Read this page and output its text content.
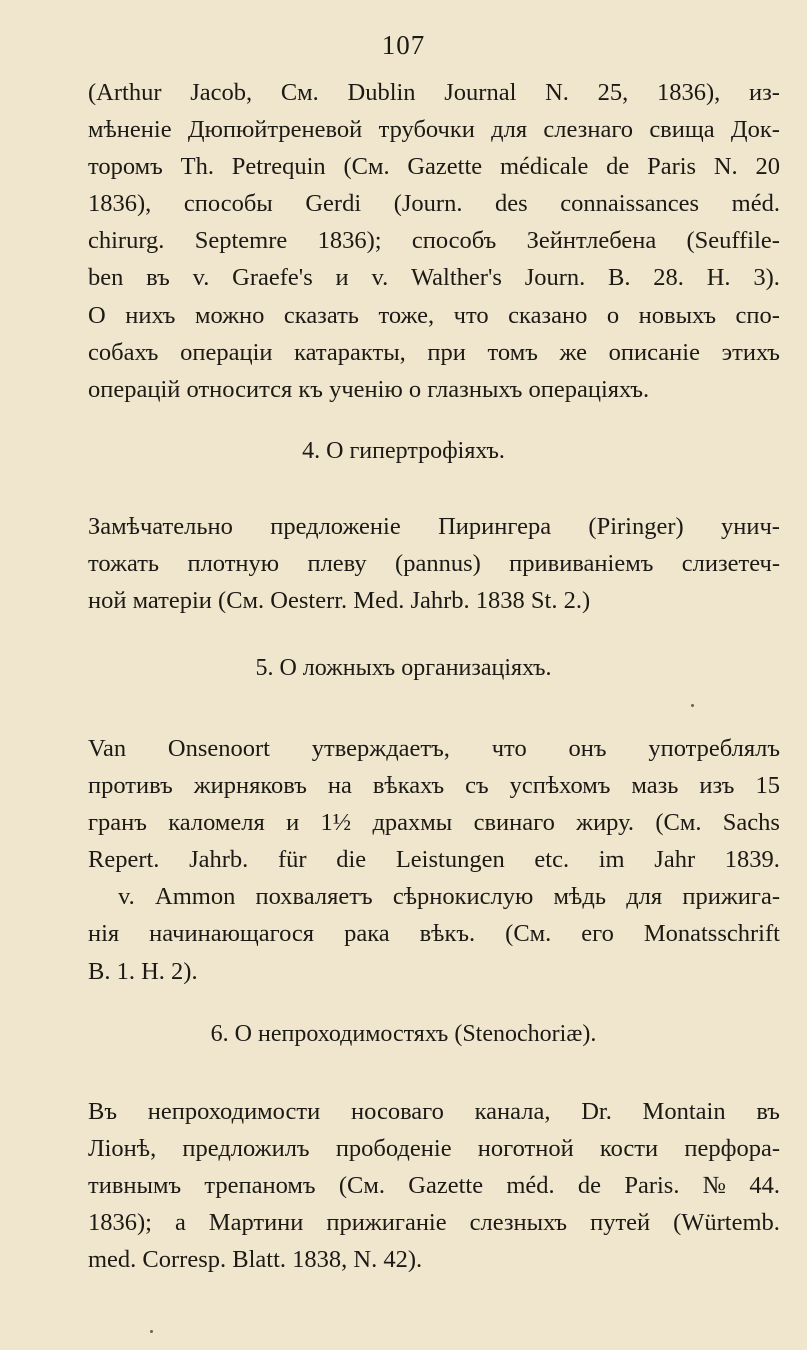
107
(Arthur Jacob, См. Dublin Journal N. 25, 1836), из-
мѣненіе Дюпюйтреневой трубочки для слезнаго свища Док-
торомъ Th. Petrequin (См. Gazette médicale de Paris N. 20
1836), способы Gerdi (Journ. des connaissances méd.
chirurg. Septemre 1836); способъ Зейнтлебена (Seuffile-
ben въ v. Graefe's и v. Walther's Journ. B. 28. H. 3).
О нихъ можно сказать тоже, что сказано о новыхъ спо-
собахъ операціи катаракты, при томъ же описаніе этихъ
операцій относится къ ученію о глазныхъ операціяхъ.
4. О гипертрофіяхъ.
Замѣчательно предложеніе Пирингера (Piringer) унич-
тожать плотную плеву (pannus) прививаніемъ слизетеч-
ной матеріи (См. Oesterr. Med. Jahrb. 1838 St. 2.)
5. О ложныхъ организаціяхъ.
Van Onsenoort утверждаетъ, что онъ употреблялъ
противъ жирняковъ на вѣкахъ съ успѣхомъ мазь изъ 15
гранъ каломеля и 1½ драхмы свинаго жиру. (См. Sachs
Repert. Jahrb. für die Leistungen etc. im Jahr 1839.
v. Ammon похваляетъ сѣрнокислую мѣдь для прижига-
нія начинающагося рака вѣкъ. (См. его Monatsschrift
B. 1. H. 2).
6. О непроходимостяхъ (Stenochoriæ).
Въ непроходимости носоваго канала, Dr. Montain въ
Ліонѣ, предложилъ прободеніе ноготной кости перфора-
тивнымъ трепаномъ (См. Gazette méd. de Paris. № 44.
1836); а Мартини прижиганіе слезныхъ путей (Würtemb.
med. Corresp. Blatt. 1838, N. 42).
